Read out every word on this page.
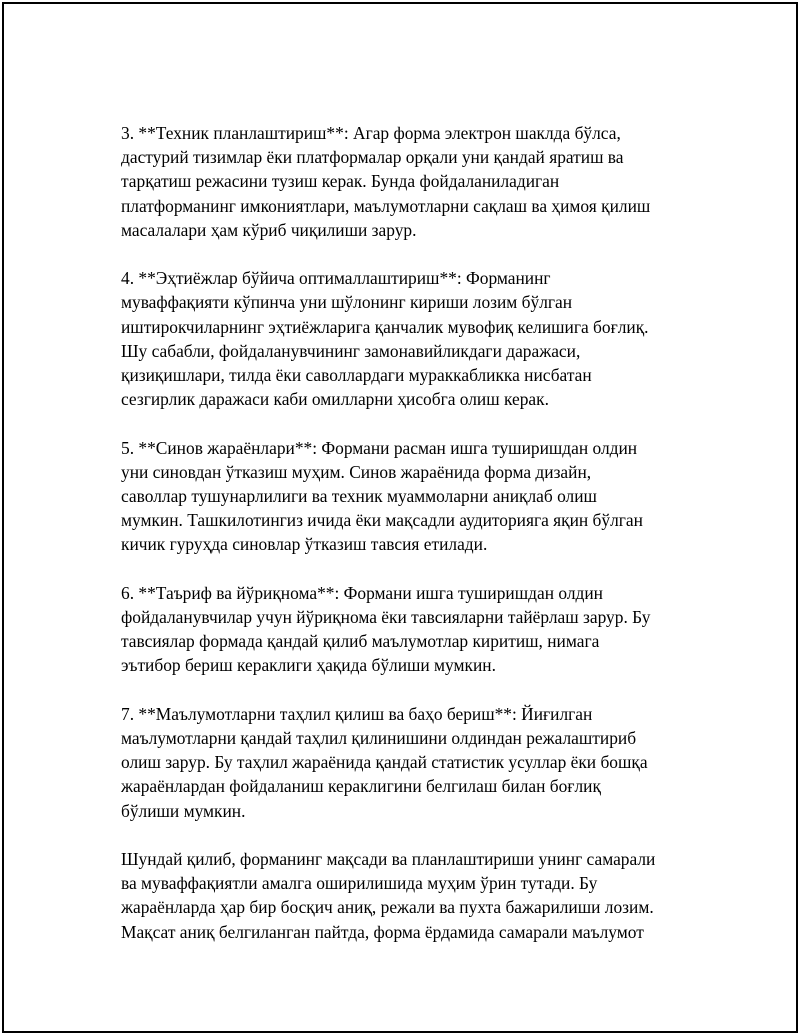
3. **Техник планлаштириш**: Агар форма электрон шаклда бўлса,
дастурий тизимлар ёки платформалар орқали уни қандай яратиш ва
тарқатиш режасини тузиш керак. Бунда фойдаланиладиган
платформанинг имкониятлари, маълумотларни сақлаш ва ҳимоя қилиш
масалалари ҳам кўриб чиқилиши зарур.

4. **Эҳтиёжлар бўйича оптималлаштириш**: Форманинг
муваффақияти кўпинча уни шўлонинг кириши лозим бўлган
иштирокчиларнинг эҳтиёжларига қанчалик мувофиқ келишига боғлиқ.
Шу сабабли, фойдаланувчининг замонавийликдаги даражаси,
қизиқишлари, тилда ёки саволлардаги мураккабликка нисбатан
сезгирлик даражаси каби омилларни ҳисобга олиш керак.

5. **Синов жараёнлари**: Формани расман ишга туширишдан олдин
уни синовдан ўтказиш муҳим. Синов жараёнида форма дизайн,
саволлар тушунарлилиги ва техник муаммоларни аниқлаб олиш
мумкин. Ташкилотингиз ичида ёки мақсадли аудиторияга яқин бўлган
кичик гуруҳда синовлар ўтказиш тавсия етилади.

6. **Таъриф ва йўриқнома**: Формани ишга туширишдан олдин
фойдаланувчилар учун йўриқнома ёки тавсияларни тайёрлаш зарур. Бу
тавсиялар формада қандай қилиб маълумотлар киритиш, нимага
эътибор бериш кераклиги ҳақида бўлиши мумкин.

7. **Маълумотларни таҳлил қилиш ва баҳо бериш**: Йиғилган
маълумотларни қандай таҳлил қилинишини олдиндан режалаштириб
олиш зарур. Бу таҳлил жараёнида қандай статистик усуллар ёки бошқа
жараёнлардан фойдаланиш кераклигини белгилаш билан боғлиқ
бўлиши мумкин.

Шундай қилиб, форманинг мақсади ва планлаштириши унинг самарали
ва муваффақиятли амалга оширилишида муҳим ўрин тутади. Бу
жараёнларда ҳар бир босқич аниқ, режали ва пухта бажарилиши лозим.
Мақсат аниқ белгиланган пайтда, форма ёрдамида самарали маълумот
